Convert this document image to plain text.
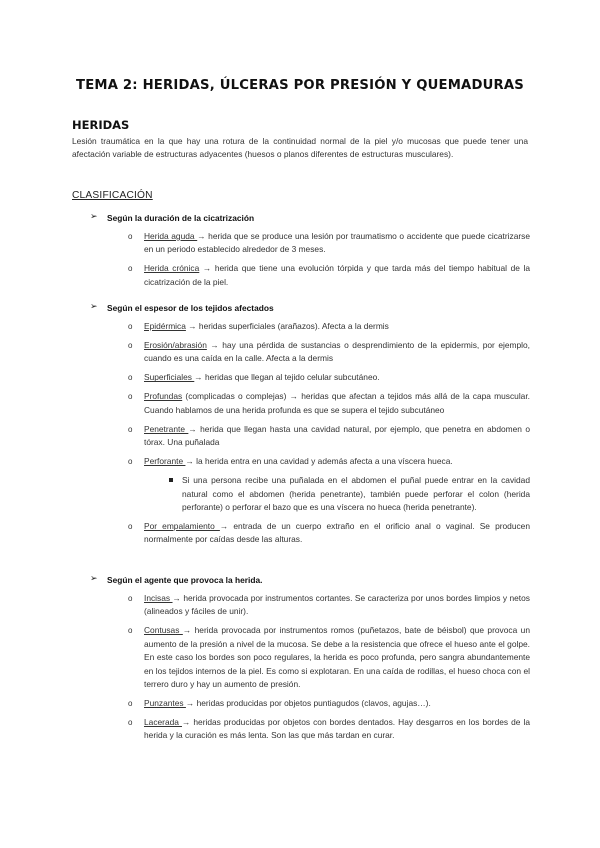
TEMA 2: HERIDAS, ÚLCERAS POR PRESIÓN Y QUEMADURAS
HERIDAS
Lesión traumática en la que hay una rotura de la continuidad normal de la piel y/o mucosas que puede tener una afectación variable de estructuras adyacentes (huesos o planos diferentes de estructuras musculares).
CLASIFICACIÓN
➢ Según la duración de la cicatrización
o Herida aguda → herida que se produce una lesión por traumatismo o accidente que puede cicatrizarse en un periodo establecido alrededor de 3 meses.

o Herida crónica → herida que tiene una evolución tórpida y que tarda más del tiempo habitual de la cicatrización de la piel.

➢ Según el espesor de los tejidos afectados
o Epidérmica → heridas superficiales (arañazos). Afecta a la dermis

o Erosión/abrasión → hay una pérdida de sustancias o desprendimiento de la epidermis, por ejemplo, cuando es una caída en la calle. Afecta a la dermis

o Superficiales → heridas que llegan al tejido celular subcutáneo.

o Profundas (complicadas o complejas) → heridas que afectan a tejidos más allá de la capa muscular. Cuando hablamos de una herida profunda es que se supera el tejido subcutáneo

o Penetrante → herida que llegan hasta una cavidad natural, por ejemplo, que penetra en abdomen o tórax. Una puñalada

o Perforante → la herida entra en una cavidad y además afecta a una víscera hueca.

Si una persona recibe una puñalada en el abdomen el puñal puede entrar en la cavidad natural como el abdomen (herida penetrante), también puede perforar el colon (herida perforante) o perforar el bazo que es una víscera no hueca (herida penetrante).

o Por empalamiento → entrada de un cuerpo extraño en el orificio anal o vaginal. Se producen normalmente por caídas desde las alturas.

➢ Según el agente que provoca la herida.
o Incisas → herida provocada por instrumentos cortantes. Se caracteriza por unos bordes limpios y netos (alineados y fáciles de unir).

o Contusas → herida provocada por instrumentos romos (puñetazos, bate de béisbol) que provoca un aumento de la presión a nivel de la mucosa. Se debe a la resistencia que ofrece el hueso ante el golpe. En este caso los bordes son poco regulares, la herida es poco profunda, pero sangra abundantemente en los tejidos internos de la piel. Es como si explotaran. En una caída de rodillas, el hueso choca con el terrero duro y hay un aumento de presión.

o Punzantes → heridas producidas por objetos puntiagudos (clavos, agujas…).

o Lacerada → heridas producidas por objetos con bordes dentados. Hay desgarros en los bordes de la herida y la curación es más lenta. Son las que más tardan en curar.
